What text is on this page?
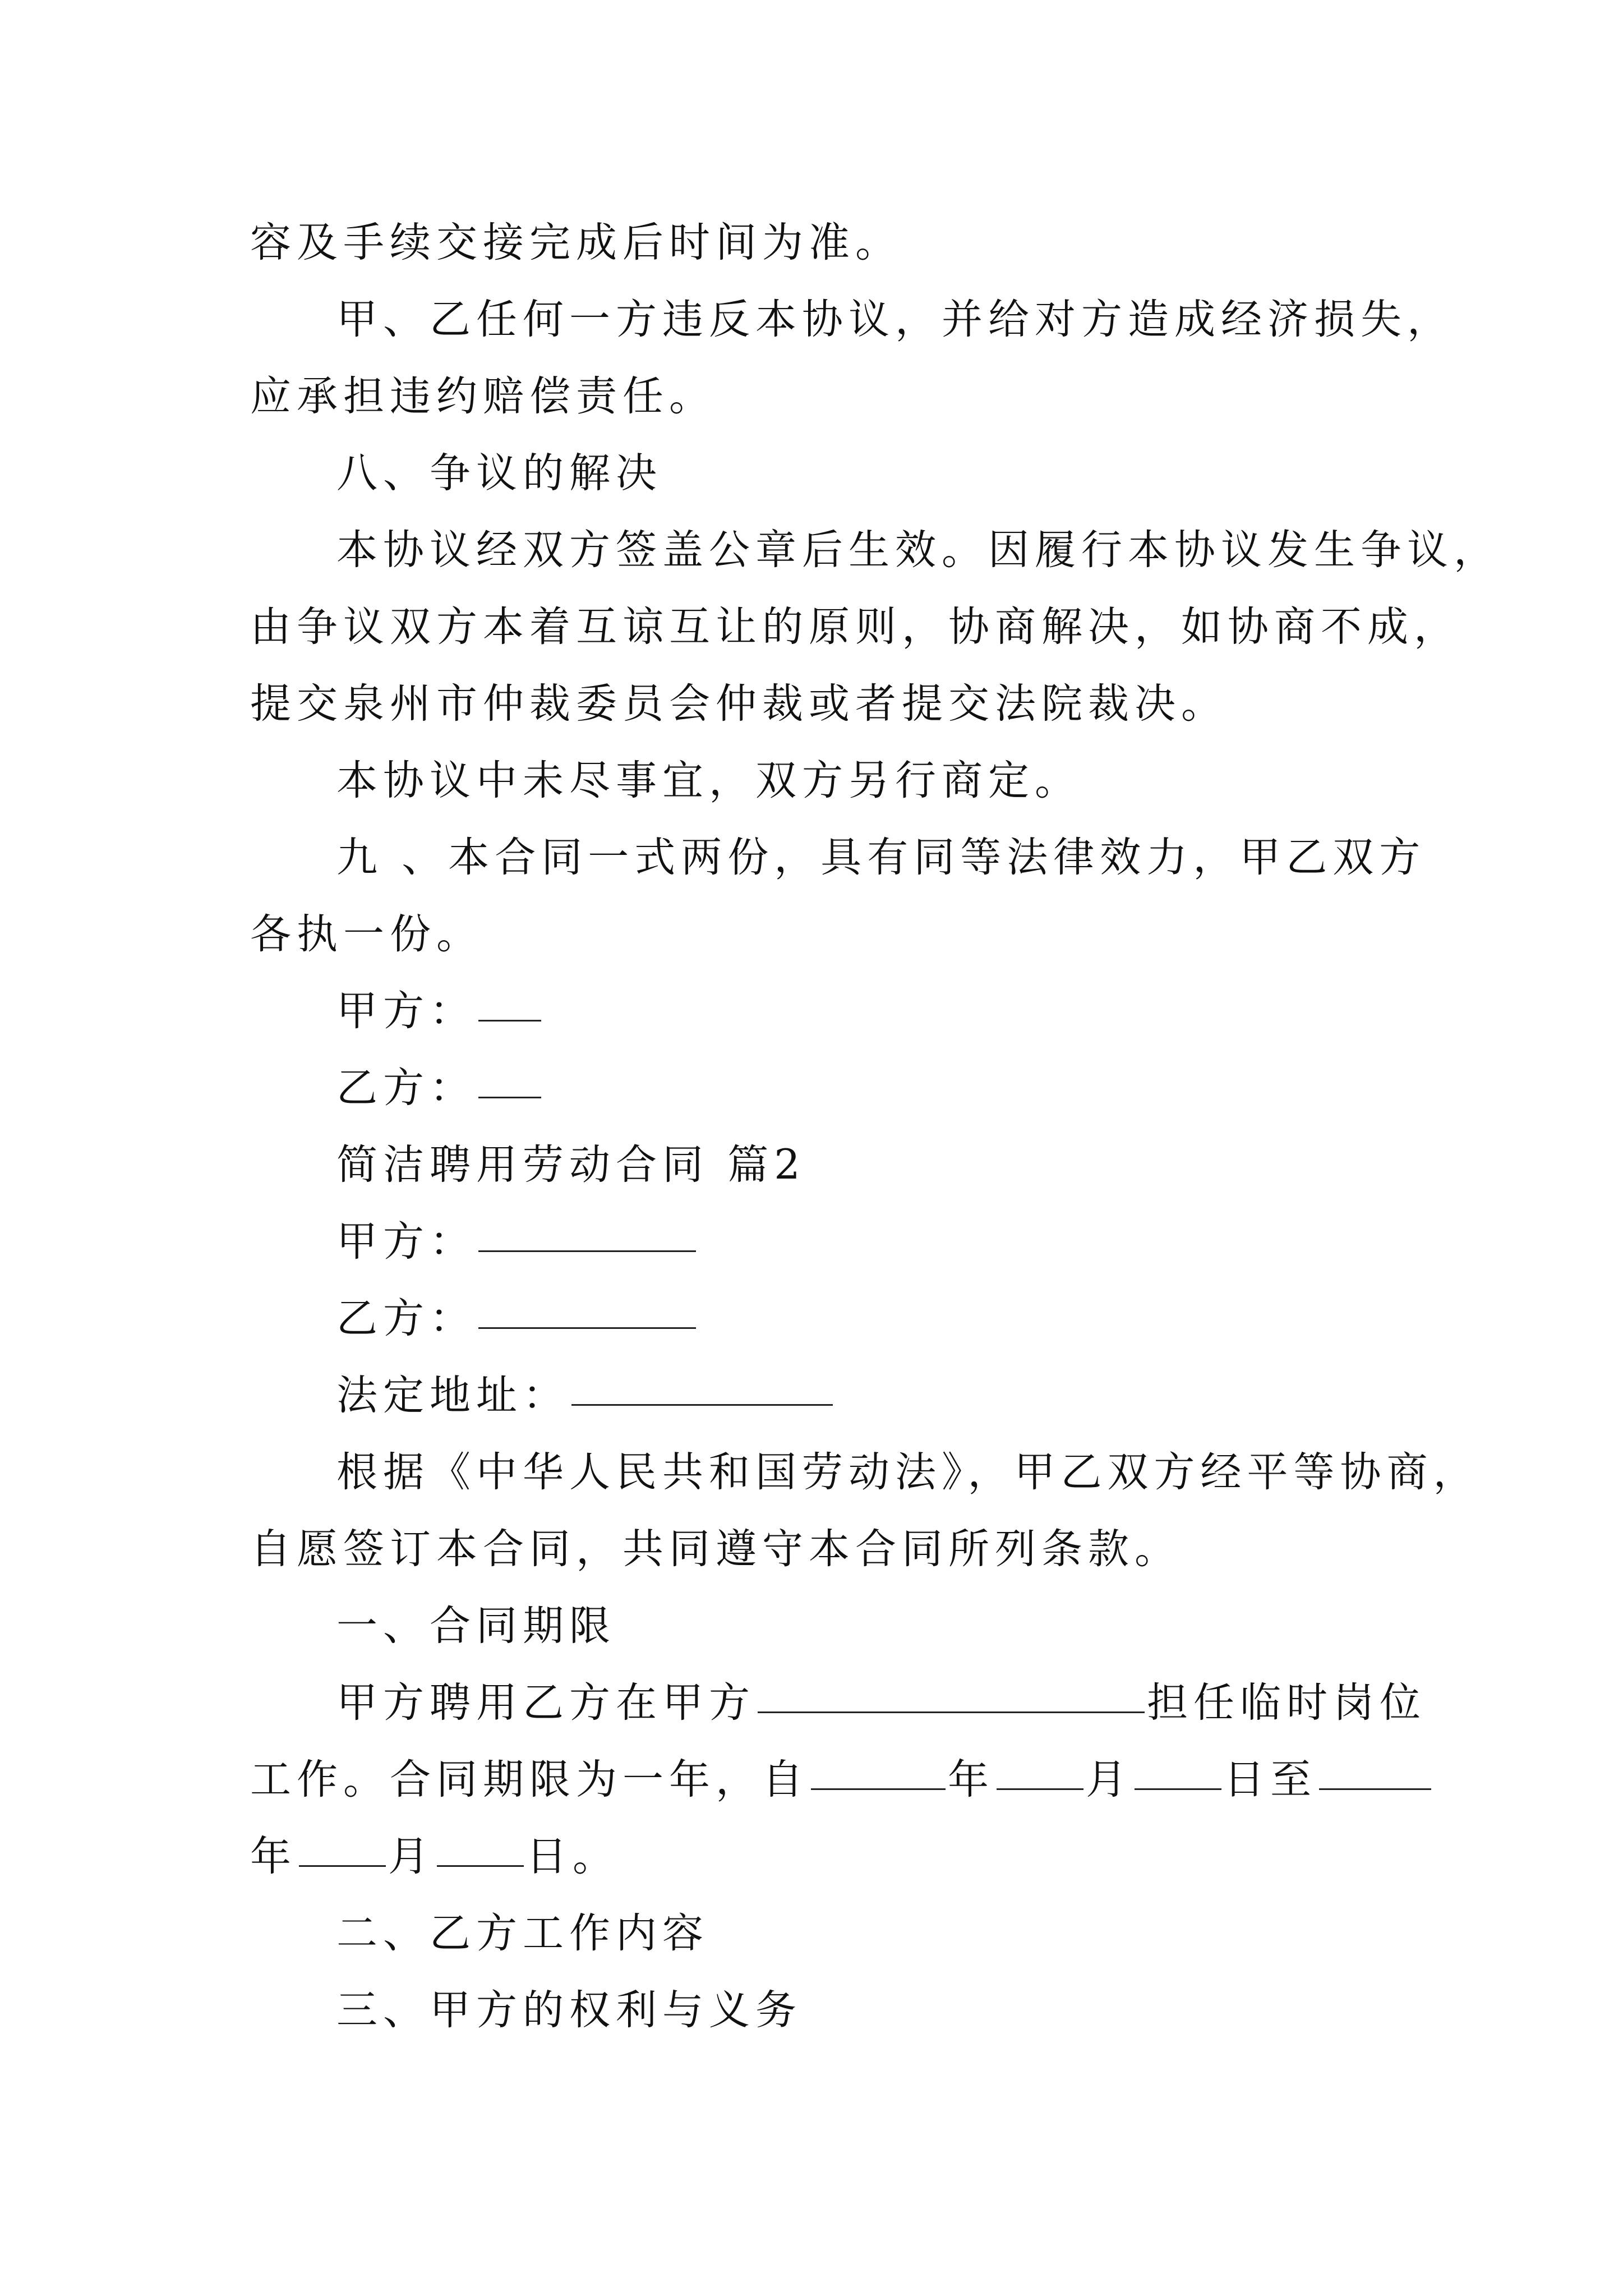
容及手续交接完成后时间为准。
甲、乙任何一方违反本协议，并给对方造成经济损失，
应承担违约赔偿责任。
八、争议的解决
本协议经双方签盖公章后生效。因履行本协议发生争议，
由争议双方本着互谅互让的原则，协商解决，如协商不成，
提交泉州市仲裁委员会仲裁或者提交法院裁决。
本协议中未尽事宜，双方另行商定。
九 、本合同一式两份，具有同等法律效力，甲乙双方
各执一份。
甲方：
乙方：
简洁聘用劳动合同 篇2
甲方：
乙方：
法定地址：
根据《中华人民共和国劳动法》，甲乙双方经平等协商，
自愿签订本合同，共同遵守本合同所列条款。
一、合同期限
甲方聘用乙方在甲方	担任临时岗位
工作。合同期限为一年，自	年 月 日至
年 月 日。
二、乙方工作内容
三、甲方的权利与义务
